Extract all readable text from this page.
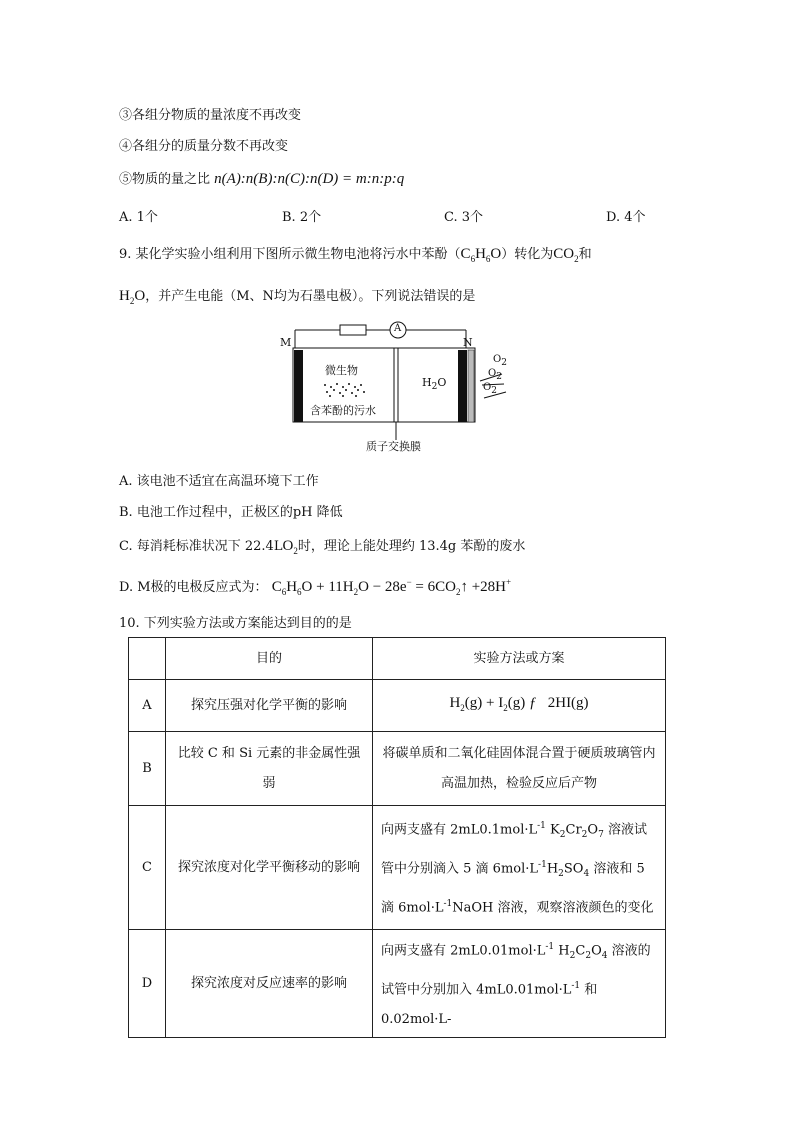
③各组分物质的量浓度不再改变
④各组分的质量分数不再改变
⑤物质的量之比 n(A):n(B):n(C):n(D) = m:n:p:q
A. 1个	B. 2个	C. 3个	D. 4个
9. 某化学实验小组利用下图所示微生物电池将污水中苯酚$(C_6H_6O)$转化为$CO_2$和
$H_2O$，并产生电能（M、N均为石墨电极）。下列说法错误的是
M	N
A
微生物
含苯酚的污水
$H_2O$
质子交换膜
$O_2$
$O_2$
$O_2$
A. 该电池不适宜在高温环境下工作
B. 电池工作过程中，正极区的pH 降低
C. 每消耗标准状况下 $22.4LO_2$时，理论上能处理约 13.4g 苯酚的废水
D. M极的电极反应式为： $C_6H_6O + 11H_2O - 28e^-$ = $6CO_2↑ +28H^+$
10. 下列实验方法或方案能达到目的的是
	目的	实验方法或方案
A	探究压强对化学平衡的影响	$H_2(g) + I_2(g)$ ƒ   2HI(g)
B	比较 C 和 Si 元素的非金属性强弱	将碳单质和二氧化硅固体混合置于硬质玻璃管内高温加热，检验反应后产物
C	探究浓度对化学平衡移动的影响	向两支盛有 $2mL0.1mol\cdot L^{-1}$ $K_2Cr_2O_7$ 溶液试管中分别滴入 5 滴 $6mol\cdot L^{-1}H_2SO_4$ 溶液和 5 滴 $6mol\cdot L^{-1}NaOH$ 溶液，观察溶液颜色的变化
D	探究浓度对反应速率的影响	向两支盛有 $2mL0.01mol\cdot L^{-1}$ $H_2C_2O_4$ 溶液的试管中分别加入 $4mL0.01mol\cdot L^{-1}$ 和 0.02mol·L-
